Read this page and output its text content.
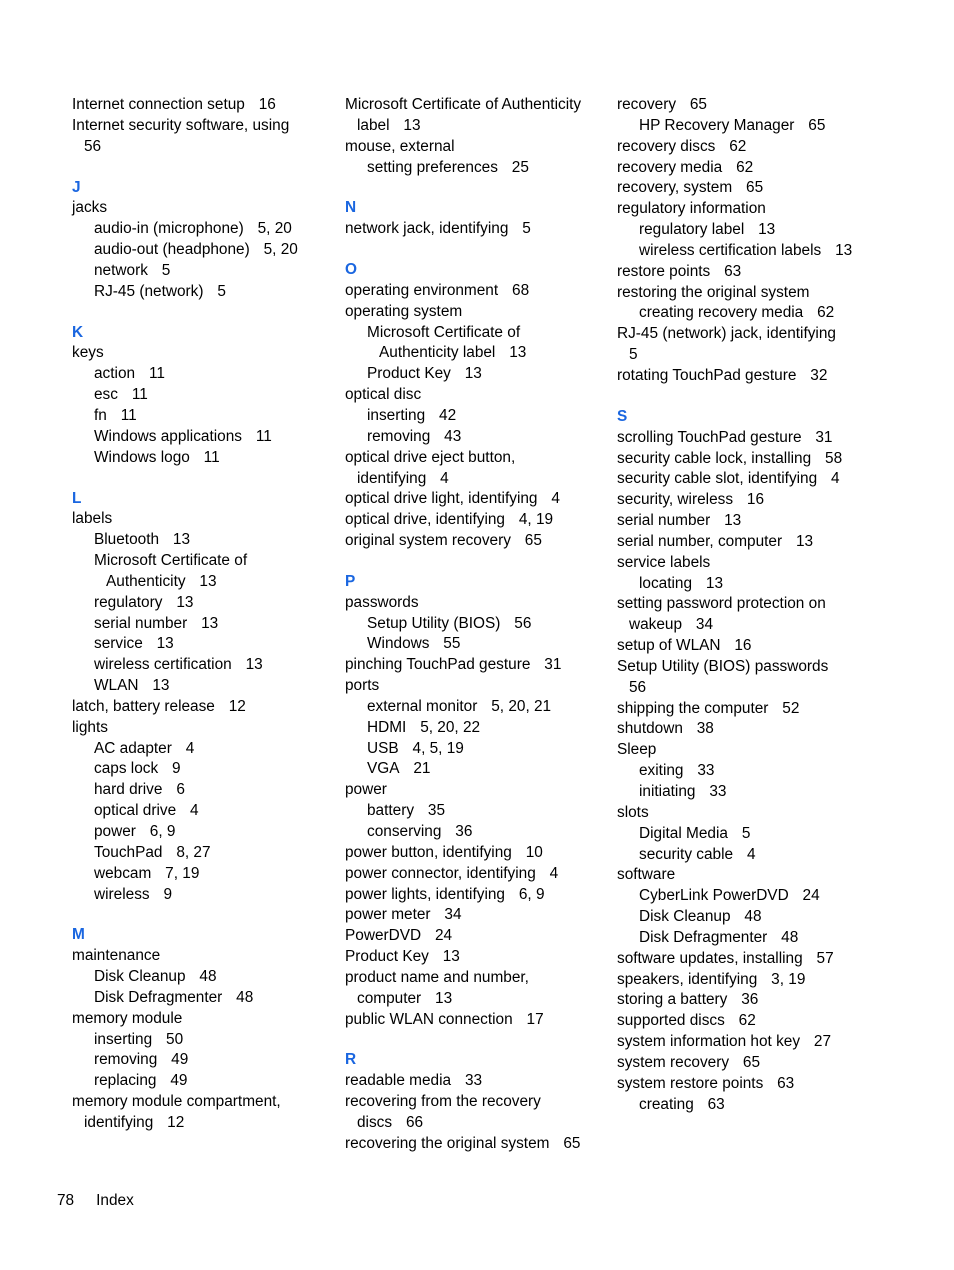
Internet connection setup 16
Internet security software, using
56
J
jacks
audio-in (microphone) 5, 20
audio-out (headphone) 5, 20
network 5
RJ-45 (network) 5
K
keys
action 11
esc 11
fn 11
Windows applications 11
Windows logo 11
L
labels
Bluetooth 13
Microsoft Certificate of
Authenticity 13
regulatory 13
serial number 13
service 13
wireless certification 13
WLAN 13
latch, battery release 12
lights
AC adapter 4
caps lock 9
hard drive 6
optical drive 4
power 6, 9
TouchPad 8, 27
webcam 7, 19
wireless 9
M
maintenance
Disk Cleanup 48
Disk Defragmenter 48
memory module
inserting 50
removing 49
replacing 49
memory module compartment,
identifying 12
Microsoft Certificate of Authenticity
label 13
mouse, external
setting preferences 25
N
network jack, identifying 5
O
operating environment 68
operating system
Microsoft Certificate of
Authenticity label 13
Product Key 13
optical disc
inserting 42
removing 43
optical drive eject button,
identifying 4
optical drive light, identifying 4
optical drive, identifying 4, 19
original system recovery 65
P
passwords
Setup Utility (BIOS) 56
Windows 55
pinching TouchPad gesture 31
ports
external monitor 5, 20, 21
HDMI 5, 20, 22
USB 4, 5, 19
VGA 21
power
battery 35
conserving 36
power button, identifying 10
power connector, identifying 4
power lights, identifying 6, 9
power meter 34
PowerDVD 24
Product Key 13
product name and number,
computer 13
public WLAN connection 17
R
readable media 33
recovering from the recovery
discs 66
recovering the original system 65
recovery 65
HP Recovery Manager 65
recovery discs 62
recovery media 62
recovery, system 65
regulatory information
regulatory label 13
wireless certification labels 13
restore points 63
restoring the original system
creating recovery media 62
RJ-45 (network) jack, identifying
5
rotating TouchPad gesture 32
S
scrolling TouchPad gesture 31
security cable lock, installing 58
security cable slot, identifying 4
security, wireless 16
serial number 13
serial number, computer 13
service labels
locating 13
setting password protection on
wakeup 34
setup of WLAN 16
Setup Utility (BIOS) passwords
56
shipping the computer 52
shutdown 38
Sleep
exiting 33
initiating 33
slots
Digital Media 5
security cable 4
software
CyberLink PowerDVD 24
Disk Cleanup 48
Disk Defragmenter 48
software updates, installing 57
speakers, identifying 3, 19
storing a battery 36
supported discs 62
system information hot key 27
system recovery 65
system restore points 63
creating 63
78 Index
